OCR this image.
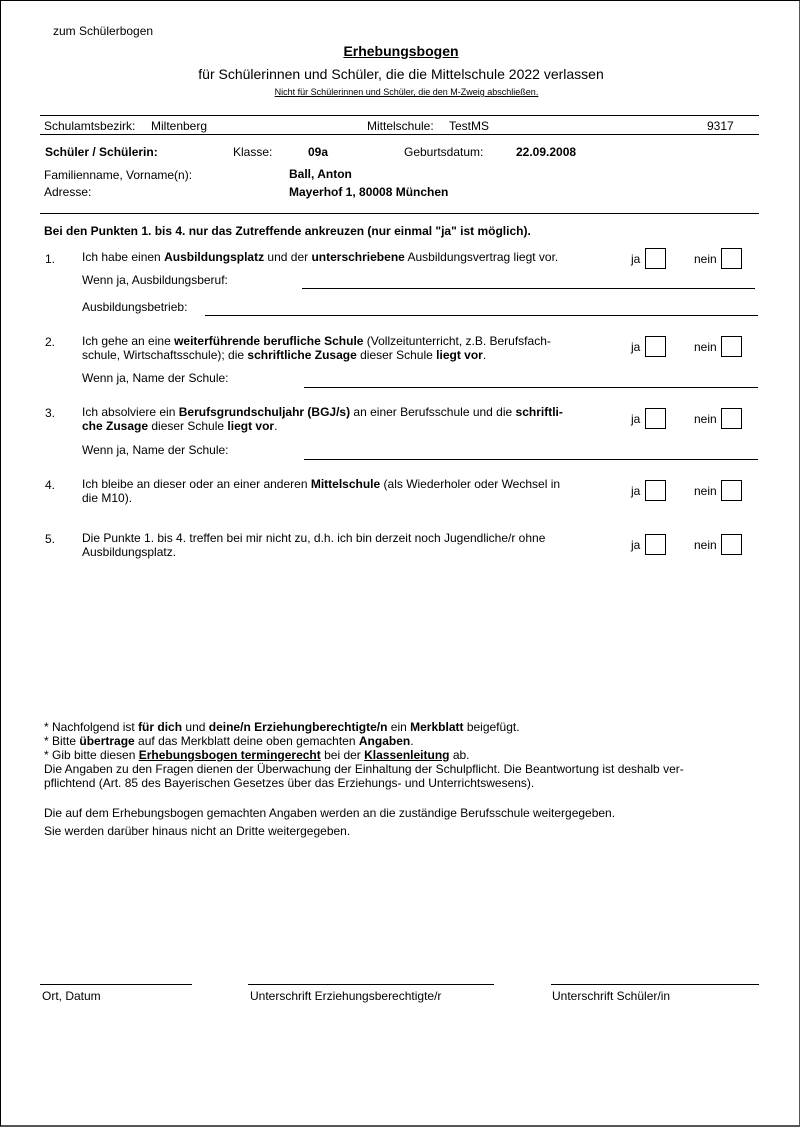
zum Schülerbogen
Erhebungsbogen
für Schülerinnen und Schüler, die die Mittelschule 2022 verlassen
Nicht für Schülerinnen und Schüler, die den M-Zweig abschließen.
Schulamtsbezirk: Miltenberg	Mittelschule: TestMS	9317
Schüler / Schülerin:	Klasse:	09a	Geburtsdatum:	22.09.2008
Familienname, Vorname(n):	Ball, Anton
Adresse:	Mayerhof 1, 80008 München
Bei den Punkten 1. bis 4. nur das Zutreffende ankreuzen (nur einmal "ja" ist möglich).
1. Ich habe einen Ausbildungsplatz und der unterschriebene Ausbildungsvertrag liegt vor.	ja	nein
Wenn ja, Ausbildungsberuf:
Ausbildungsbetrieb:
2. Ich gehe an eine weiterführende berufliche Schule (Vollzeitunterricht, z.B. Berufsfach-
schule, Wirtschaftsschule); die schriftliche Zusage dieser Schule liegt vor.
ja	nein
Wenn ja, Name der Schule:
3. Ich absolviere ein Berufsgrundschuljahr (BGJ/s) an einer Berufsschule und die schriftli-
che Zusage dieser Schule liegt vor.	ja	nein
Wenn ja, Name der Schule:
4. Ich bleibe an dieser oder an einer anderen Mittelschule (als Wiederholer oder Wechsel in
die M10).	ja	nein
5. Die Punkte 1. bis 4. treffen bei mir nicht zu, d.h. ich bin derzeit noch Jugendliche/r ohne
Ausbildungsplatz.	ja	nein
* Nachfolgend ist für dich und deine/n Erziehungberechtigte/n ein Merkblatt beigefügt.
* Bitte übertrage auf das Merkblatt deine oben gemachten Angaben.
* Gib bitte diesen Erhebungsbogen termingerecht bei der Klassenleitung ab.
Die Angaben zu den Fragen dienen der Überwachung der Einhaltung der Schulpflicht. Die Beantwortung ist deshalb ver-
pflichtend (Art. 85 des Bayerischen Gesetzes über das Erziehungs- und Unterrichtswesens).
Die auf dem Erhebungsbogen gemachten Angaben werden an die zuständige Berufsschule weitergegeben.
Sie werden darüber hinaus nicht an Dritte weitergegeben.
Ort, Datum	Unterschrift Erziehungsberechtigte/r	Unterschrift Schüler/in
